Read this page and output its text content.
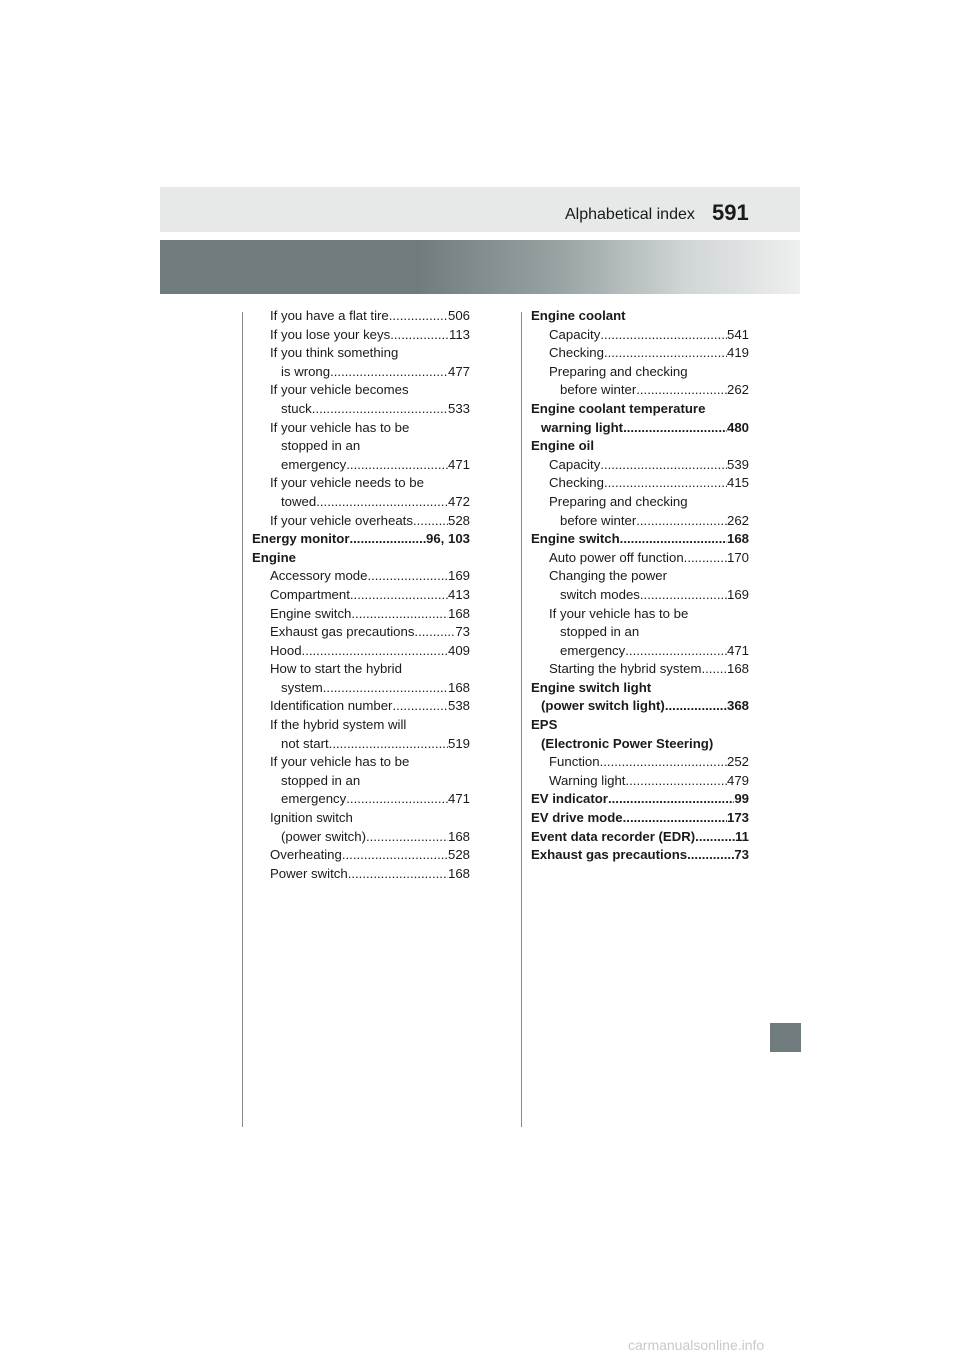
Alphabetical index 591
If you have a flat tire .....	506
If you lose your keys .....	113
If you think something
is wrong .....	477
If your vehicle becomes
stuck .....	533
If your vehicle has to be
stopped in an
emergency .....	471
If your vehicle needs to be
towed .....	472
If your vehicle overheats .....	528
Energy monitor .....	96, 103
Engine
Accessory mode .....	169
Compartment .....	413
Engine switch .....	168
Exhaust gas precautions .....	73
Hood .....	409
How to start the hybrid
system .....	168
Identification number .....	538
If the hybrid system will
not start .....	519
If your vehicle has to be
stopped in an
emergency .....	471
Ignition switch
(power switch) .....	168
Overheating .....	528
Power switch .....	168
Engine coolant
Capacity .....	541
Checking .....	419
Preparing and checking
before winter .....	262
Engine coolant temperature
warning light .....	480
Engine oil
Capacity .....	539
Checking .....	415
Preparing and checking
before winter .....	262
Engine switch .....	168
Auto power off function .....	170
Changing the power
switch modes .....	169
If your vehicle has to be
stopped in an
emergency .....	471
Starting the hybrid system ..... 168
Engine switch light
(power switch light) .....	368
EPS
(Electronic Power Steering)
Function .....	252
Warning light .....	479
EV indicator .....	99
EV drive mode .....	173
Event data recorder (EDR) .....	11
Exhaust gas precautions .....	73
carmanualsonline.info
